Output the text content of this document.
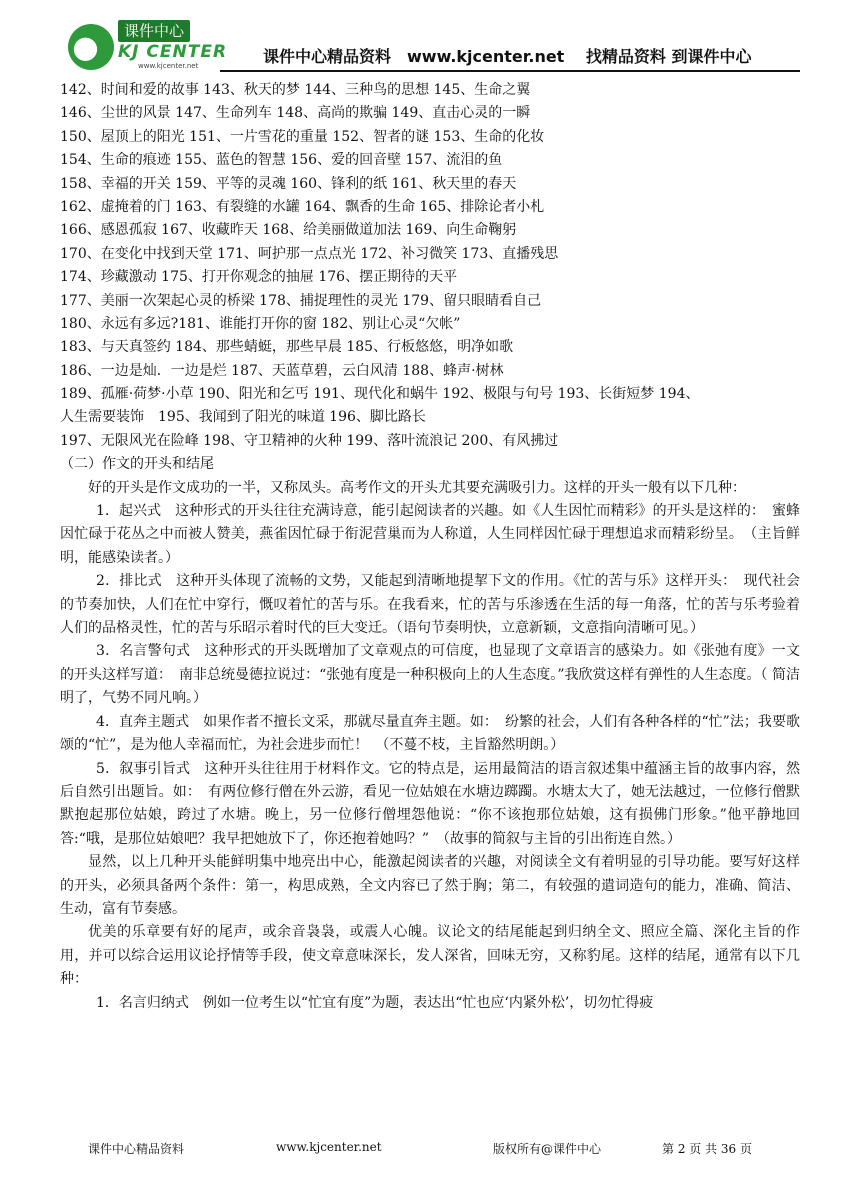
课件中心
KJ CENTER
www.kjcenter.net	课件中心精品资料　www.kjcenter.net　 找精品资料 到课件中心
142、时间和爱的故事 143、秋天的梦 144、三种鸟的思想 145、生命之翼
146、尘世的风景 147、生命列车 148、高尚的欺骗 149、直击心灵的一瞬
150、屋顶上的阳光 151、一片雪花的重量 152、智者的谜 153、生命的化妆
154、生命的痕迹 155、蓝色的智慧 156、爱的回音壁 157、流泪的鱼
158、幸福的开关 159、平等的灵魂 160、锋利的纸 161、秋天里的春天
162、虚掩着的门 163、有裂缝的水罐 164、飘香的生命 165、排除论者小札
166、感恩孤寂 167、收藏昨天 168、给美丽做道加法 169、向生命鞠躬
170、在变化中找到天堂 171、呵护那一点点光 172、补习微笑 173、直播残思
174、珍藏激动 175、打开你观念的抽屉 176、摆正期待的天平
177、美丽一次架起心灵的桥梁 178、捕捉理性的灵光 179、留只眼睛看自己
180、永远有多远?181、谁能打开你的窗 182、别让心灵“欠帐”
183、与天真签约 184、那些蜻蜓，那些早晨 185、行板悠悠，明净如歌
186、一边是灿．一边是烂 187、天蓝草碧，云白风清 188、蜂声·树林
189、孤雁·荷梦·小草 190、阳光和乞丐 191、现代化和蜗牛 192、极限与句号 193、长街短梦 194、
人生需要装饰　195、我闻到了阳光的味道 196、脚比路长
197、无限风光在险峰 198、守卫精神的火种 199、落叶流浪记 200、有风拂过
（二）作文的开头和结尾
好的开头是作文成功的一半，又称凤头。高考作文的开头尤其要充满吸引力。这样的开头一般有以下几种：
1．起兴式　这种形式的开头往往充满诗意，能引起阅读者的兴趣。如《人生因忙而精彩》的开头是这样的：　蜜蜂因忙碌于花丛之中而被人赞美，燕雀因忙碌于衔泥营巢而为人称道，人生同样因忙碌于理想追求而精彩纷呈。　（主旨鲜明，能感染读者。）
2．排比式　这种开头体现了流畅的文势，又能起到清晰地提挈下文的作用。《忙的苦与乐》这样开头：　现代社会的节奏加快，人们在忙中穿行，慨叹着忙的苦与乐。在我看来，忙的苦与乐渗透在生活的每一角落，忙的苦与乐考验着人们的品格灵性，忙的苦与乐昭示着时代的巨大变迁。（语句节奏明快，立意新颖，文意指向清晰可见。）
3．名言警句式　这种形式的开头既增加了文章观点的可信度，也显现了文章语言的感染力。如《张弛有度》一文的开头这样写道：　南非总统曼德拉说过：“张弛有度是一种积极向上的人生态度。”我欣赏这样有弹性的人生态度。（ 简洁明了，气势不同凡响。）
4．直奔主题式　如果作者不擅长文采，那就尽量直奔主题。如：　纷繁的社会，人们有各种各样的“忙”法；我要歌颂的“忙”，是为他人幸福而忙，为社会进步而忙！　（不蔓不枝，主旨豁然明朗。）
5．叙事引旨式　这种开头往往用于材料作文。它的特点是，运用最简洁的语言叙述集中蕴涵主旨的故事内容，然后自然引出题旨。如：　有两位修行僧在外云游，看见一位姑娘在水塘边踯躅。水塘太大了，她无法越过，一位修行僧默默抱起那位姑娘，跨过了水塘。晚上，另一位修行僧埋怨他说：“你不该抱那位姑娘，这有损佛门形象。”他平静地回答:“哦，是那位姑娘吧？我早把她放下了，你还抱着她吗？”　（故事的简叙与主旨的引出衔连自然。）
显然，以上几种开头能鲜明集中地亮出中心，能激起阅读者的兴趣，对阅读全文有着明显的引导功能。要写好这样的开头，必须具备两个条件：第一，构思成熟，全文内容已了然于胸；第二，有较强的遣词造句的能力，准确、简洁、生动，富有节奏感。
优美的乐章要有好的尾声，或余音袅袅，或震人心魄。议论文的结尾能起到归纳全文、照应全篇、深化主旨的作用，并可以综合运用议论抒情等手段，使文章意味深长，发人深省，回味无穷，又称豹尾。这样的结尾，通常有以下几种：
1．名言归纳式　例如一位考生以“忙宜有度”为题，表达出“忙也应‘内紧外松’，切勿忙得疲
课件中心精品资料	www.kjcenter.net	版权所有@课件中心	第 2 页 共 36 页
